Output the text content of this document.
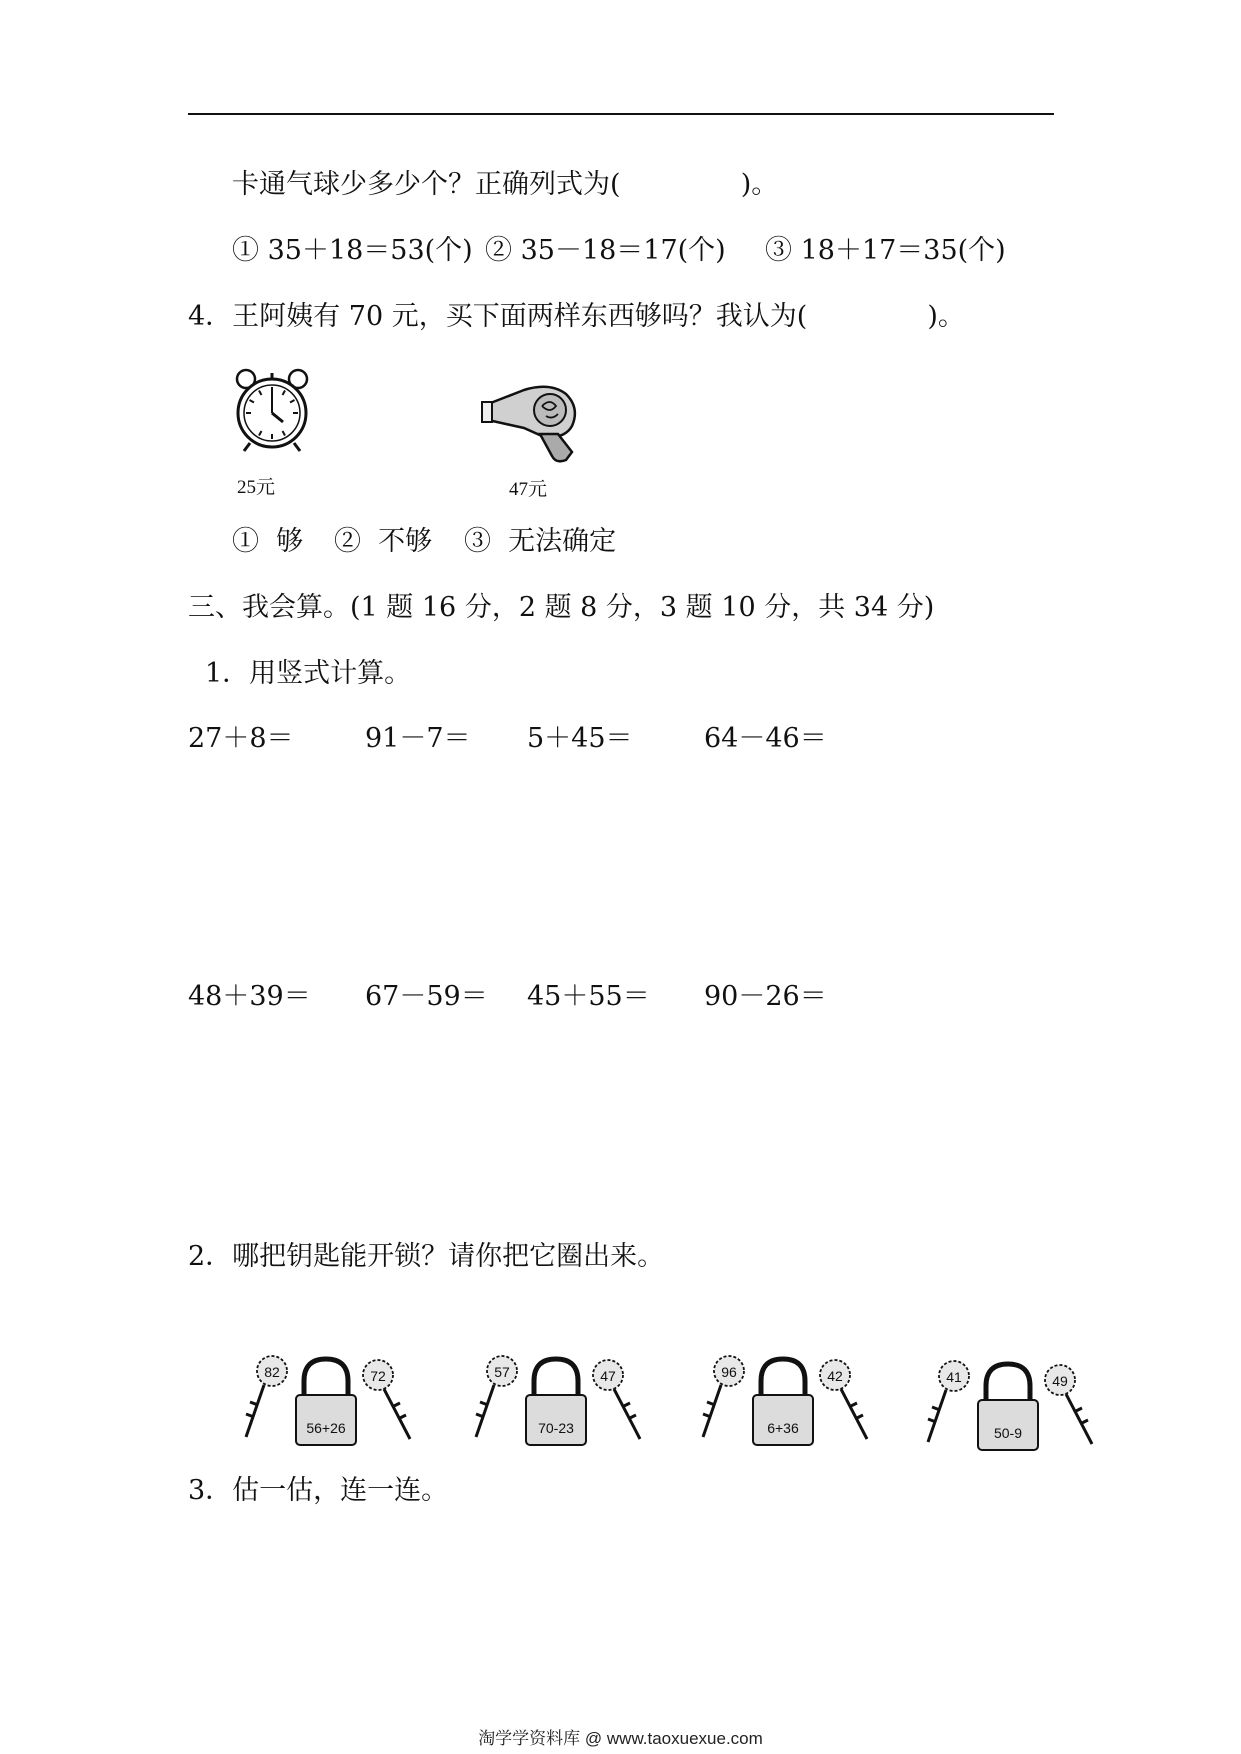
卡通气球少多少个？正确列式为(              )。
① 35＋18＝53(个) ② 35－18＝17(个) ③ 18＋17＝35(个)
4．王阿姨有 70 元，买下面两样东西够吗？我认为(              )。
25元	47元
①  够 ②  不够 ③  无法确定
三、我会算。(1 题 16 分，2 题 8 分，3 题 10 分，共 34 分)
1．用竖式计算。
27＋8＝	91－7＝ 5＋45＝	64－46＝
48＋39＝ 67－59＝ 45＋55＝ 90－26＝
2．哪把钥匙能开锁？请你把它圈出来。
82
56+26
72	57
70-23
47	96
6+36
42	41
50-9
49
3．估一估，连一连。
淘学学资料库 @ www.taoxuexue.com
